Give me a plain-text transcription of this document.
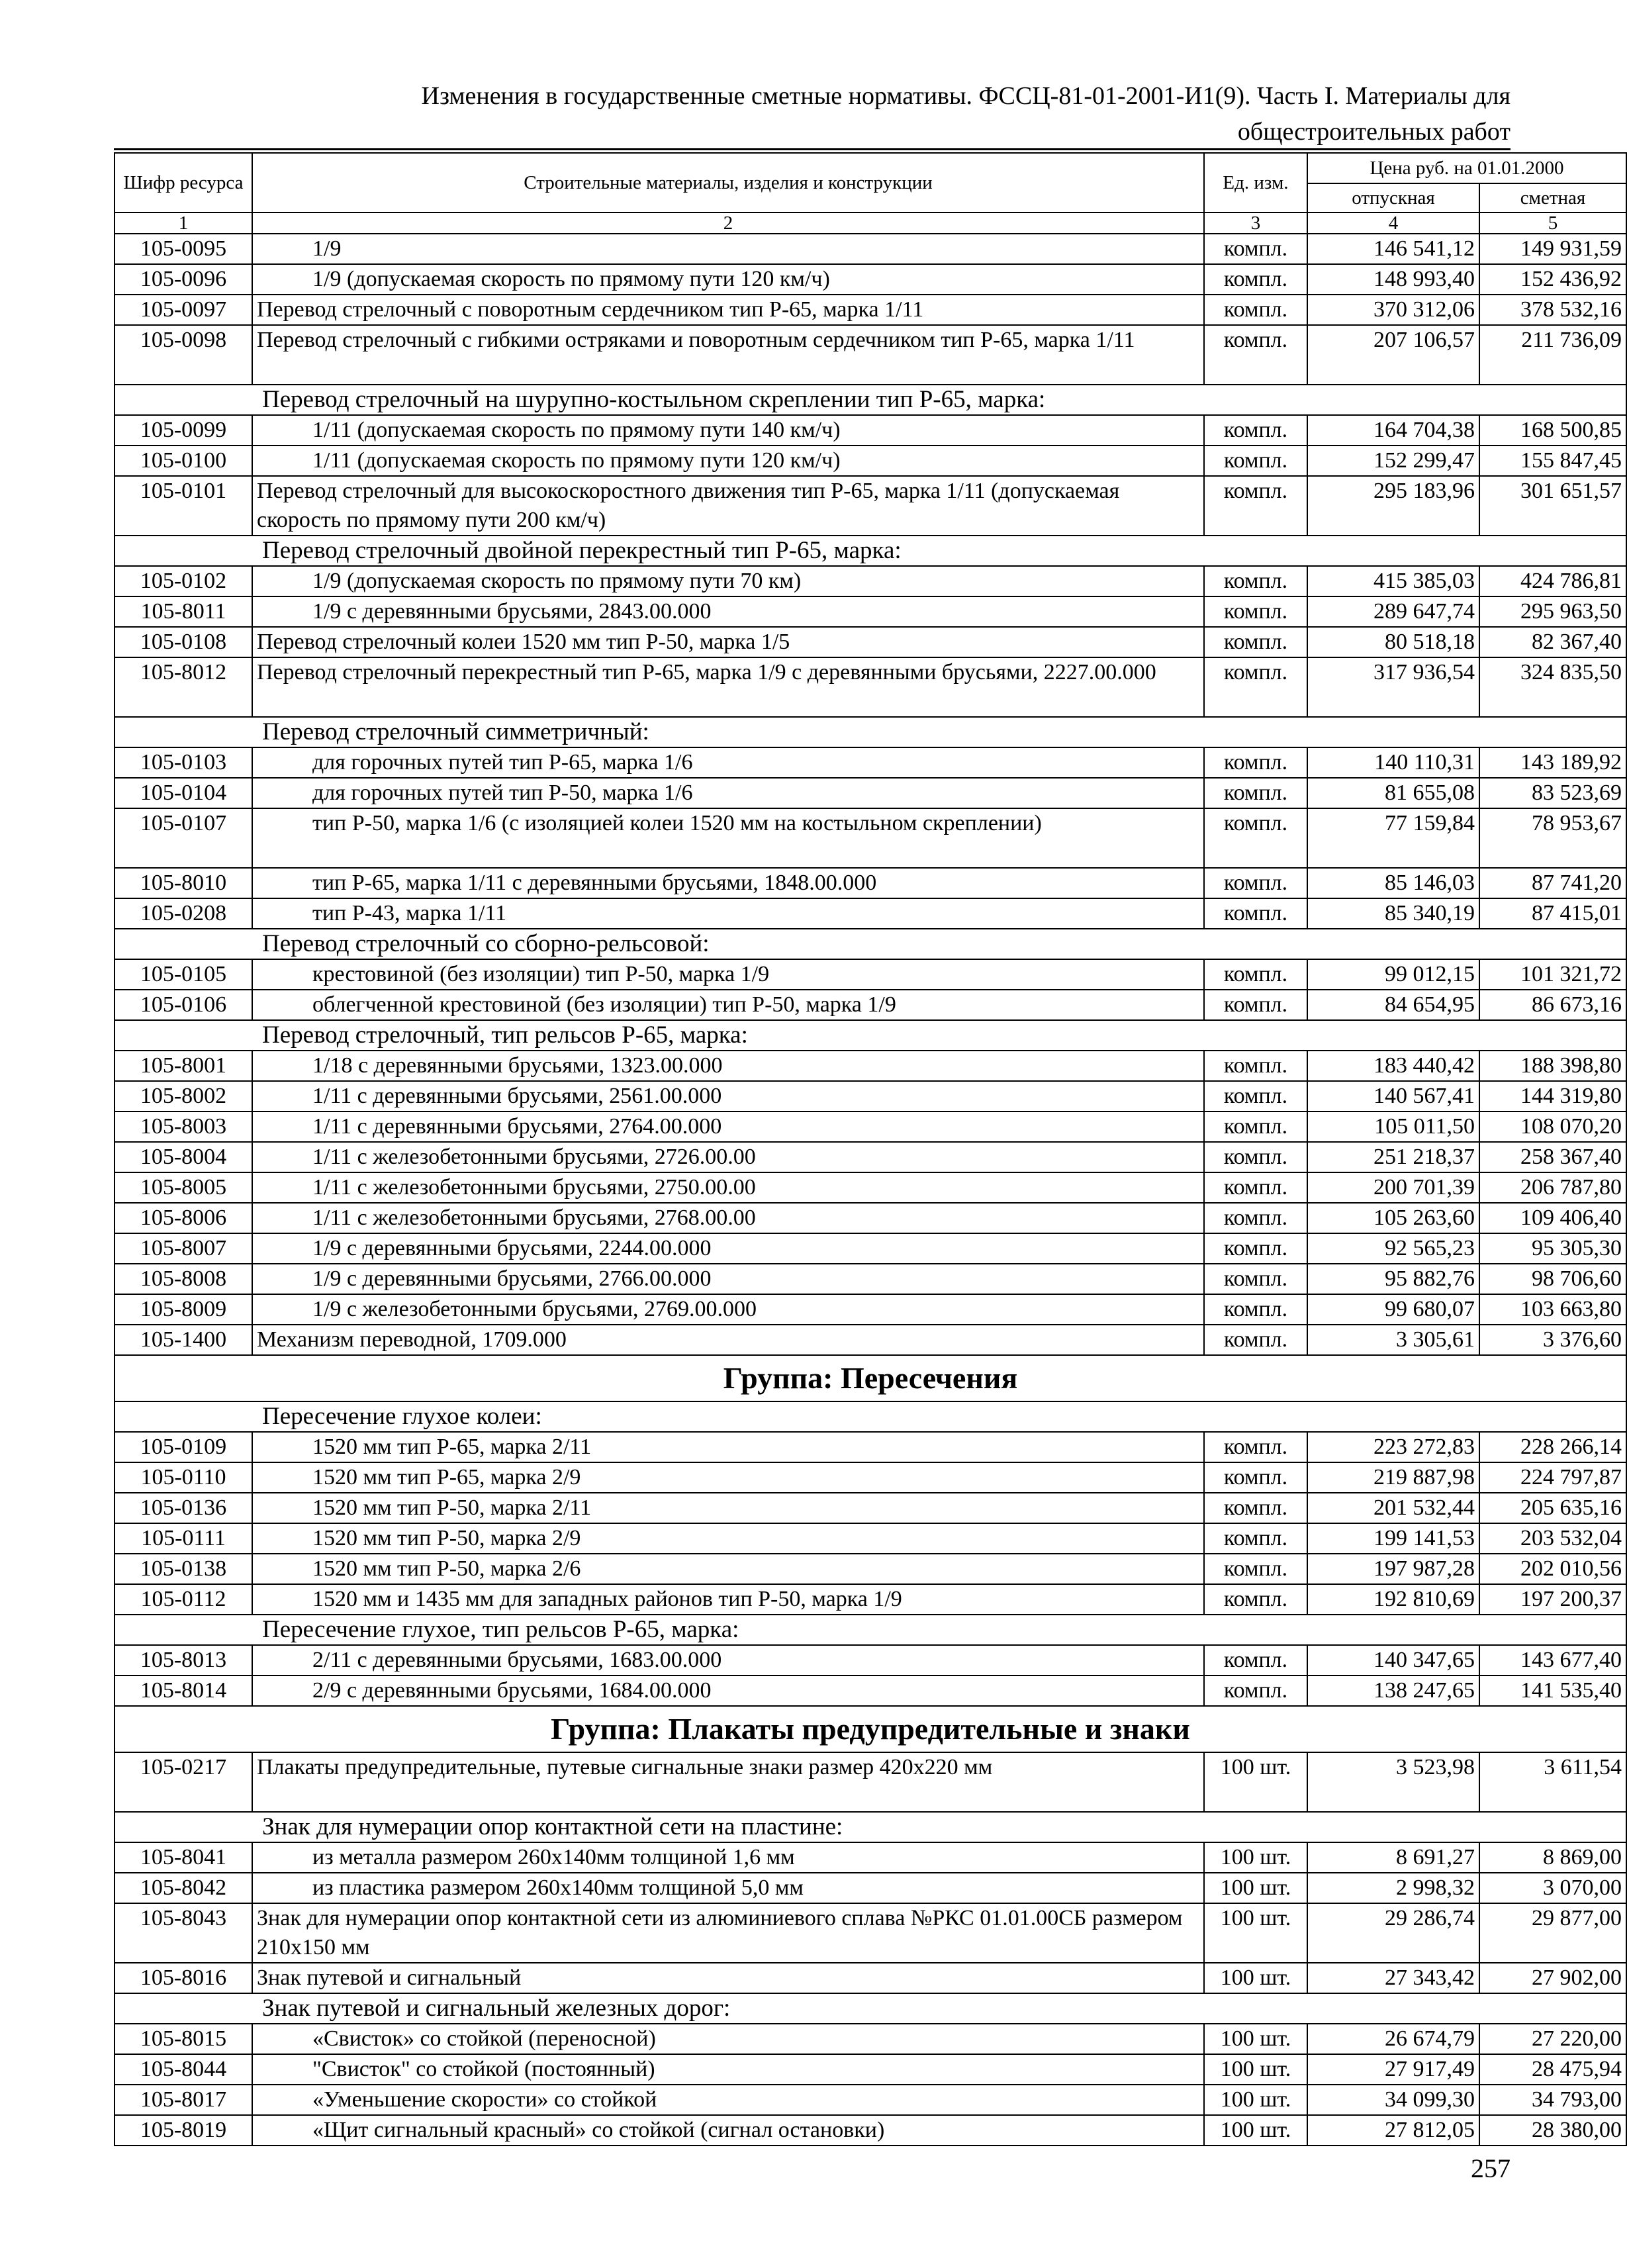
Изменения в государственные сметные нормативы. ФССЦ-81-01-2001-И1(9). Часть I. Материалы для
общестроительных работ
Шифр ресурса	Строительные материалы, изделия и конструкции	Ед. изм.	Цена руб. на 01.01.2000	
			отпускная	сметная
1	2	3	4	5
105-0095	1/9	компл.	146 541,12	149 931,59
105-0096	1/9 (допускаемая скорость по прямому пути 120 км/ч)	компл.	148 993,40	152 436,92
105-0097	Перевод стрелочный с поворотным сердечником тип Р-65, марка 1/11	компл.	370 312,06	378 532,16
105-0098	Перевод стрелочный с гибкими остряками и поворотным сердечником тип Р-65, марка 1/11	компл.	207 106,57	211 736,09
Перевод стрелочный на шурупно-костыльном скреплении тип Р-65, марка:				
105-0099	1/11 (допускаемая скорость по прямому пути 140 км/ч)	компл.	164 704,38	168 500,85
105-0100	1/11 (допускаемая скорость по прямому пути 120 км/ч)	компл.	152 299,47	155 847,45
105-0101	Перевод стрелочный для высокоскоростного движения тип Р-65, марка 1/11 (допускаемая скорость по прямому пути 200 км/ч)	компл.	295 183,96	301 651,57
Перевод стрелочный двойной перекрестный тип Р-65, марка:				
105-0102	1/9 (допускаемая скорость по прямому пути 70 км)	компл.	415 385,03	424 786,81
105-8011	1/9 с деревянными брусьями, 2843.00.000	компл.	289 647,74	295 963,50
105-0108	Перевод стрелочный колеи 1520 мм тип Р-50, марка 1/5	компл.	80 518,18	82 367,40
105-8012	Перевод стрелочный перекрестный тип Р-65, марка 1/9 с деревянными брусьями, 2227.00.000	компл.	317 936,54	324 835,50
Перевод стрелочный симметричный:				
105-0103	для горочных путей тип Р-65, марка 1/6	компл.	140 110,31	143 189,92
105-0104	для горочных путей тип Р-50, марка 1/6	компл.	81 655,08	83 523,69
105-0107	тип Р-50, марка 1/6 (с изоляцией колеи 1520 мм на костыльном скреплении)	компл.	77 159,84	78 953,67
105-8010	тип Р-65, марка 1/11 с деревянными брусьями, 1848.00.000	компл.	85 146,03	87 741,20
105-0208	тип Р-43, марка 1/11	компл.	85 340,19	87 415,01
Перевод стрелочный со сборно-рельсовой:				
105-0105	крестовиной (без изоляции) тип Р-50, марка 1/9	компл.	99 012,15	101 321,72
105-0106	облегченной крестовиной (без изоляции) тип Р-50, марка 1/9	компл.	84 654,95	86 673,16
Перевод стрелочный, тип рельсов Р-65, марка:				
105-8001	1/18 с деревянными брусьями, 1323.00.000	компл.	183 440,42	188 398,80
105-8002	1/11 с деревянными брусьями, 2561.00.000	компл.	140 567,41	144 319,80
105-8003	1/11 с деревянными брусьями, 2764.00.000	компл.	105 011,50	108 070,20
105-8004	1/11 с железобетонными брусьями, 2726.00.00	компл.	251 218,37	258 367,40
105-8005	1/11 с железобетонными брусьями, 2750.00.00	компл.	200 701,39	206 787,80
105-8006	1/11 с железобетонными брусьями, 2768.00.00	компл.	105 263,60	109 406,40
105-8007	1/9 с деревянными брусьями, 2244.00.000	компл.	92 565,23	95 305,30
105-8008	1/9 с деревянными брусьями, 2766.00.000	компл.	95 882,76	98 706,60
105-8009	1/9 с железобетонными брусьями, 2769.00.000	компл.	99 680,07	103 663,80
105-1400	Механизм переводной, 1709.000	компл.	3 305,61	3 376,60
Группа: Пересечения				
Пересечение глухое колеи:				
105-0109	1520 мм тип Р-65, марка 2/11	компл.	223 272,83	228 266,14
105-0110	1520 мм тип Р-65, марка 2/9	компл.	219 887,98	224 797,87
105-0136	1520 мм тип Р-50, марка 2/11	компл.	201 532,44	205 635,16
105-0111	1520 мм тип Р-50, марка 2/9	компл.	199 141,53	203 532,04
105-0138	1520 мм тип Р-50, марка 2/6	компл.	197 987,28	202 010,56
105-0112	1520 мм и 1435 мм для западных районов тип Р-50, марка 1/9	компл.	192 810,69	197 200,37
Пересечение глухое, тип рельсов Р-65, марка:				
105-8013	2/11 с деревянными брусьями, 1683.00.000	компл.	140 347,65	143 677,40
105-8014	2/9 с деревянными брусьями, 1684.00.000	компл.	138 247,65	141 535,40
Группа: Плакаты предупредительные и знаки				
105-0217	Плакаты предупредительные, путевые сигнальные знаки размер 420х220 мм	100 шт.	3 523,98	3 611,54
Знак для нумерации опор контактной сети на пластине:				
105-8041	из металла размером 260х140мм толщиной 1,6 мм	100 шт.	8 691,27	8 869,00
105-8042	из пластика размером 260х140мм толщиной 5,0 мм	100 шт.	2 998,32	3 070,00
105-8043	Знак для нумерации опор контактной сети из алюминиевого сплава №РКС 01.01.00СБ размером 210х150 мм	100 шт.	29 286,74	29 877,00
105-8016	Знак путевой и сигнальный	100 шт.	27 343,42	27 902,00
Знак путевой и сигнальный железных дорог:				
105-8015	«Свисток» со стойкой (переносной)	100 шт.	26 674,79	27 220,00
105-8044	"Свисток" со стойкой (постоянный)	100 шт.	27 917,49	28 475,94
105-8017	«Уменьшение скорости» со стойкой	100 шт.	34 099,30	34 793,00
105-8019	«Щит сигнальный красный» со стойкой (сигнал остановки)	100 шт.	27 812,05	28 380,00
257
